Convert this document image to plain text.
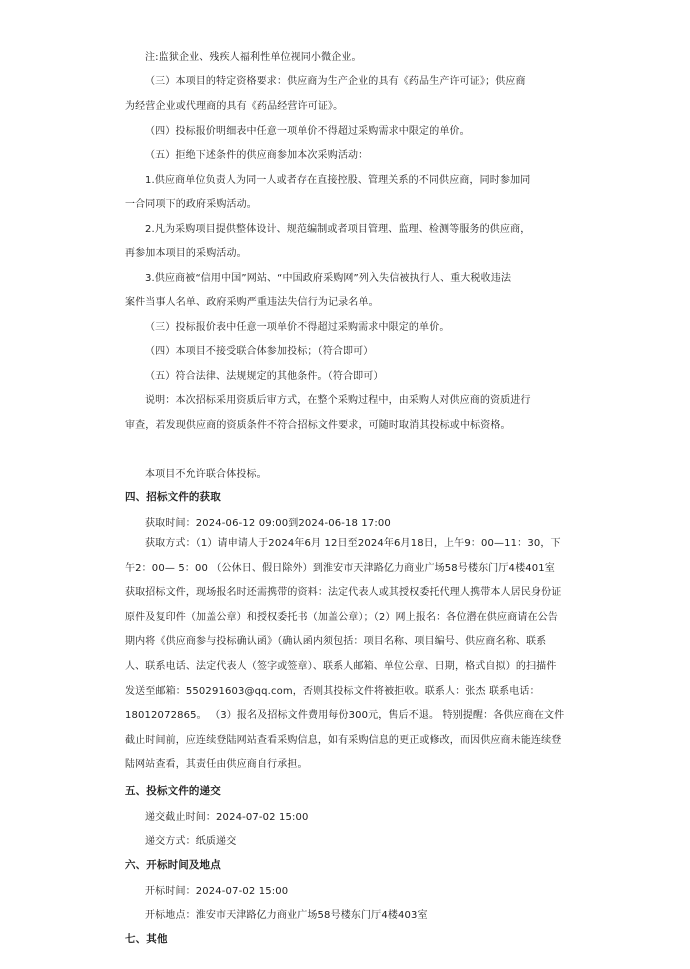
注:监狱企业、残疾人福利性单位视同小微企业。

（三）本项目的特定资格要求：供应商为生产企业的具有《药品生产许可证》；供应商

为经营企业或代理商的具有《药品经营许可证》。

（四）投标报价明细表中任意一项单价不得超过采购需求中限定的单价。

（五）拒绝下述条件的供应商参加本次采购活动：

1.供应商单位负责人为同一人或者存在直接控股、管理关系的不同供应商，同时参加同

一合同项下的政府采购活动。

2.凡为采购项目提供整体设计、规范编制或者项目管理、监理、检测等服务的供应商，

再参加本项目的采购活动。

3.供应商被“信用中国”网站、“中国政府采购网”列入失信被执行人、重大税收违法

案件当事人名单、政府采购严重违法失信行为记录名单。

（三）投标报价表中任意一项单价不得超过采购需求中限定的单价。

（四）本项目不接受联合体参加投标；（符合即可）

（五）符合法律、法规规定的其他条件。（符合即可）

说明：本次招标采用资质后审方式，在整个采购过程中，由采购人对供应商的资质进行

审查，若发现供应商的资质条件不符合招标文件要求，可随时取消其投标或中标资格。

本项目不允许联合体投标。

四、招标文件的获取

获取时间：2024-06-12 09:00到2024-06-18 17:00

获取方式：（1）请申请人于2024年6月 12日至2024年6月18日，上午9：00—11：30，下午2：00— 5：00 （公休日、假日除外）到淮安市天津路亿力商业广场58号楼东门厅4楼401室获取招标文件，现场报名时还需携带的资料：法定代表人或其授权委托代理人携带本人居民身份证原件及复印件（加盖公章）和授权委托书（加盖公章）；（2）网上报名：各位潜在供应商请在公告期内将《供应商参与投标确认函》（确认函内须包括：项目名称、项目编号、供应商名称、联系人、联系电话、法定代表人（签字或签章）、联系人邮箱、单位公章、日期，格式自拟）的扫描件发送至邮箱：550291603@qq.com，否则其投标文件将被拒收。联系人：张杰 联系电话： 18012072865。 （3）报名及招标文件费用每份300元，售后不退。 特别提醒：各供应商在文件截止时间前，应连续登陆网站查看采购信息，如有采购信息的更正或修改，而因供应商未能连续登陆网站查看，其责任由供应商自行承担。

五、投标文件的递交

递交截止时间：2024-07-02 15:00

递交方式：纸质递交

六、开标时间及地点

开标时间：2024-07-02 15:00

开标地点：淮安市天津路亿力商业广场58号楼东门厅4楼403室

七、其他
